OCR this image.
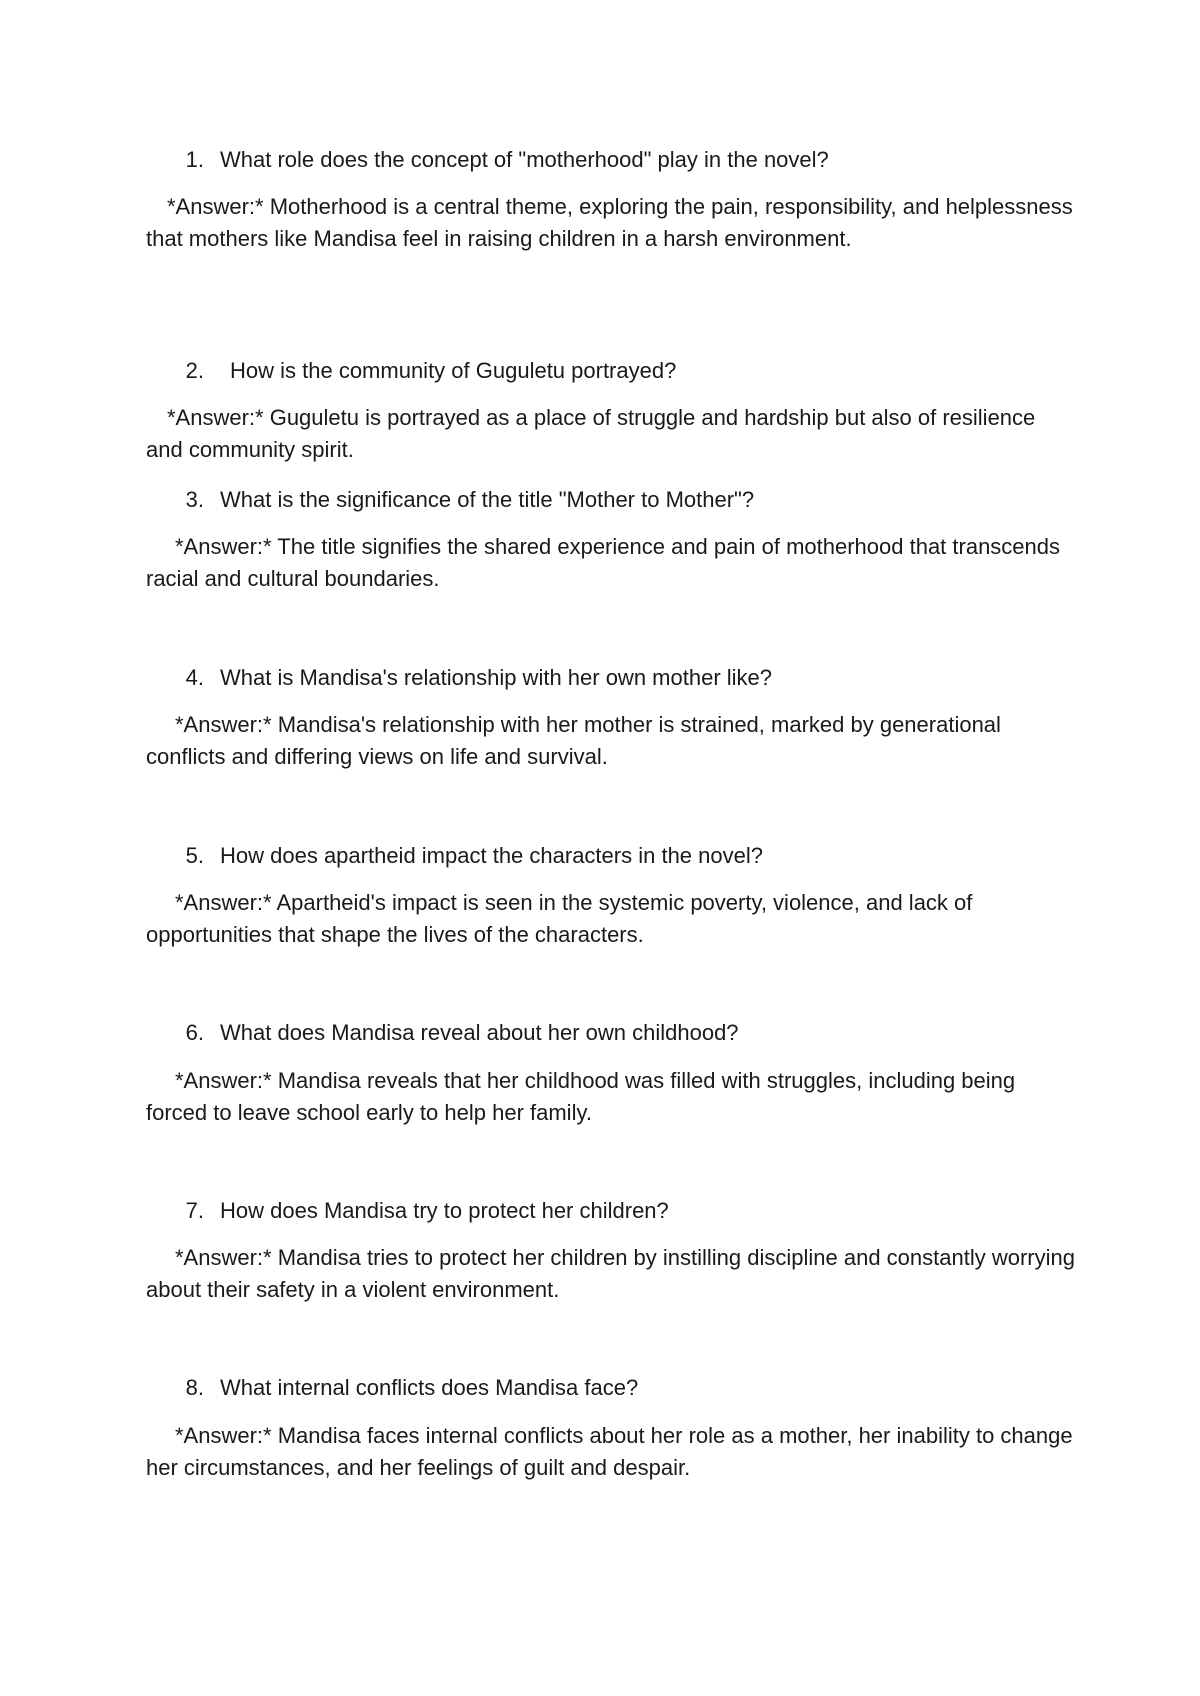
1. What role does the concept of "motherhood" play in the novel?
*Answer:* Motherhood is a central theme, exploring the pain, responsibility, and helplessness that mothers like Mandisa feel in raising children in a harsh environment.
2. How is the community of Guguletu portrayed?
*Answer:* Guguletu is portrayed as a place of struggle and hardship but also of resilience and community spirit.
3. What is the significance of the title "Mother to Mother"?
*Answer:* The title signifies the shared experience and pain of motherhood that transcends racial and cultural boundaries.
4. What is Mandisa's relationship with her own mother like?
*Answer:* Mandisa's relationship with her mother is strained, marked by generational conflicts and differing views on life and survival.
5. How does apartheid impact the characters in the novel?
*Answer:* Apartheid's impact is seen in the systemic poverty, violence, and lack of opportunities that shape the lives of the characters.
6. What does Mandisa reveal about her own childhood?
*Answer:* Mandisa reveals that her childhood was filled with struggles, including being forced to leave school early to help her family.
7. How does Mandisa try to protect her children?
*Answer:* Mandisa tries to protect her children by instilling discipline and constantly worrying about their safety in a violent environment.
8. What internal conflicts does Mandisa face?
*Answer:* Mandisa faces internal conflicts about her role as a mother, her inability to change her circumstances, and her feelings of guilt and despair.
